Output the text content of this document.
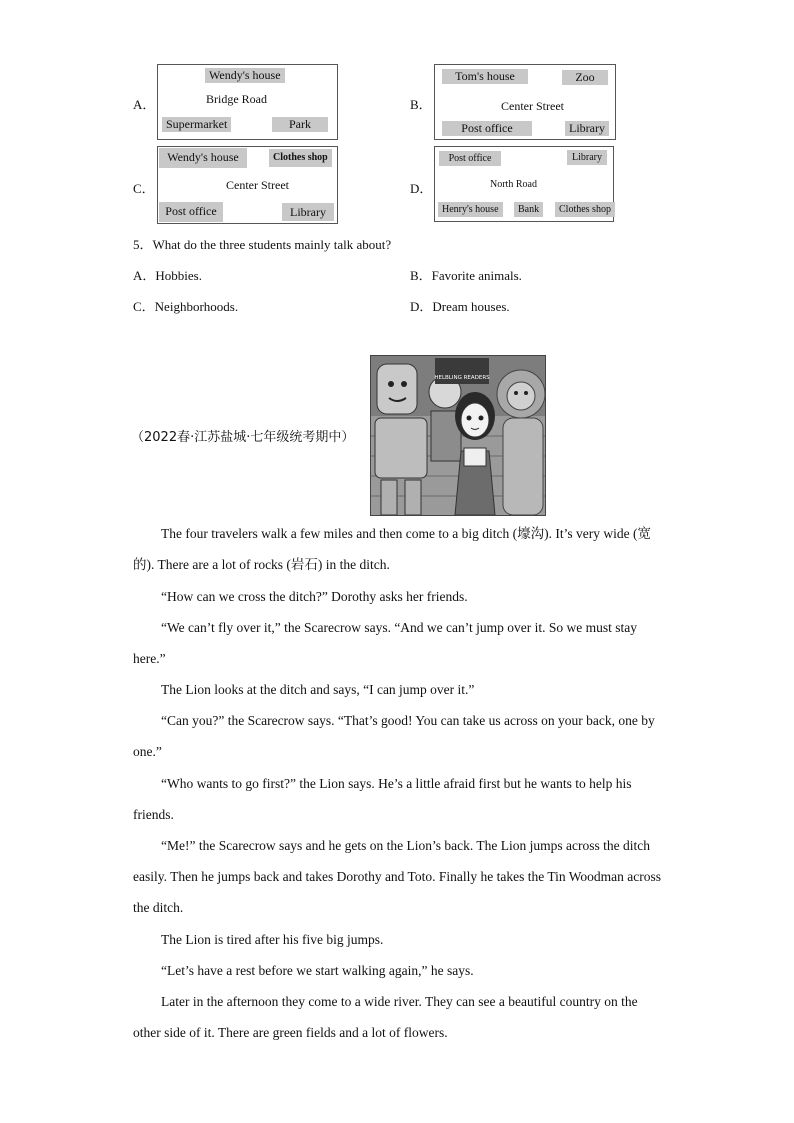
A．
Wendy's house
Bridge Road
Supermarket	Park
B．
Tom's house	Zoo
Center Street
Post office	Library
C．
Wendy's house	Clothes shop
Center Street
Post office	Library
D．
Post office	Library
North Road
Henry's house	Bank	Clothes shop
5．What do the three students mainly talk about?
A．Hobbies.	B．Favorite animals.
C．Neighborhoods.	D．Dream houses.
（2022春·江苏盐城·七年级统考期中）
HELBLING READERS
The four travelers walk a few miles and then come to a big ditch (壕沟). It’s very wide (宽的). There are a lot of rocks (岩石) in the ditch.
“How can we cross the ditch?” Dorothy asks her friends.
“We can’t fly over it,” the Scarecrow says. “And we can’t jump over it. So we must stay here.”
The Lion looks at the ditch and says, “I can jump over it.”
“Can you?” the Scarecrow says. “That’s good! You can take us across on your back, one by one.”
“Who wants to go first?” the Lion says. He’s a little afraid first but he wants to help his friends.
“Me!” the Scarecrow says and he gets on the Lion’s back. The Lion jumps across the ditch easily. Then he jumps back and takes Dorothy and Toto. Finally he takes the Tin Woodman across the ditch.
The Lion is tired after his five big jumps.
“Let’s have a rest before we start walking again,” he says.
Later in the afternoon they come to a wide river. They can see a beautiful country on the other side of it. There are green fields and a lot of flowers.
